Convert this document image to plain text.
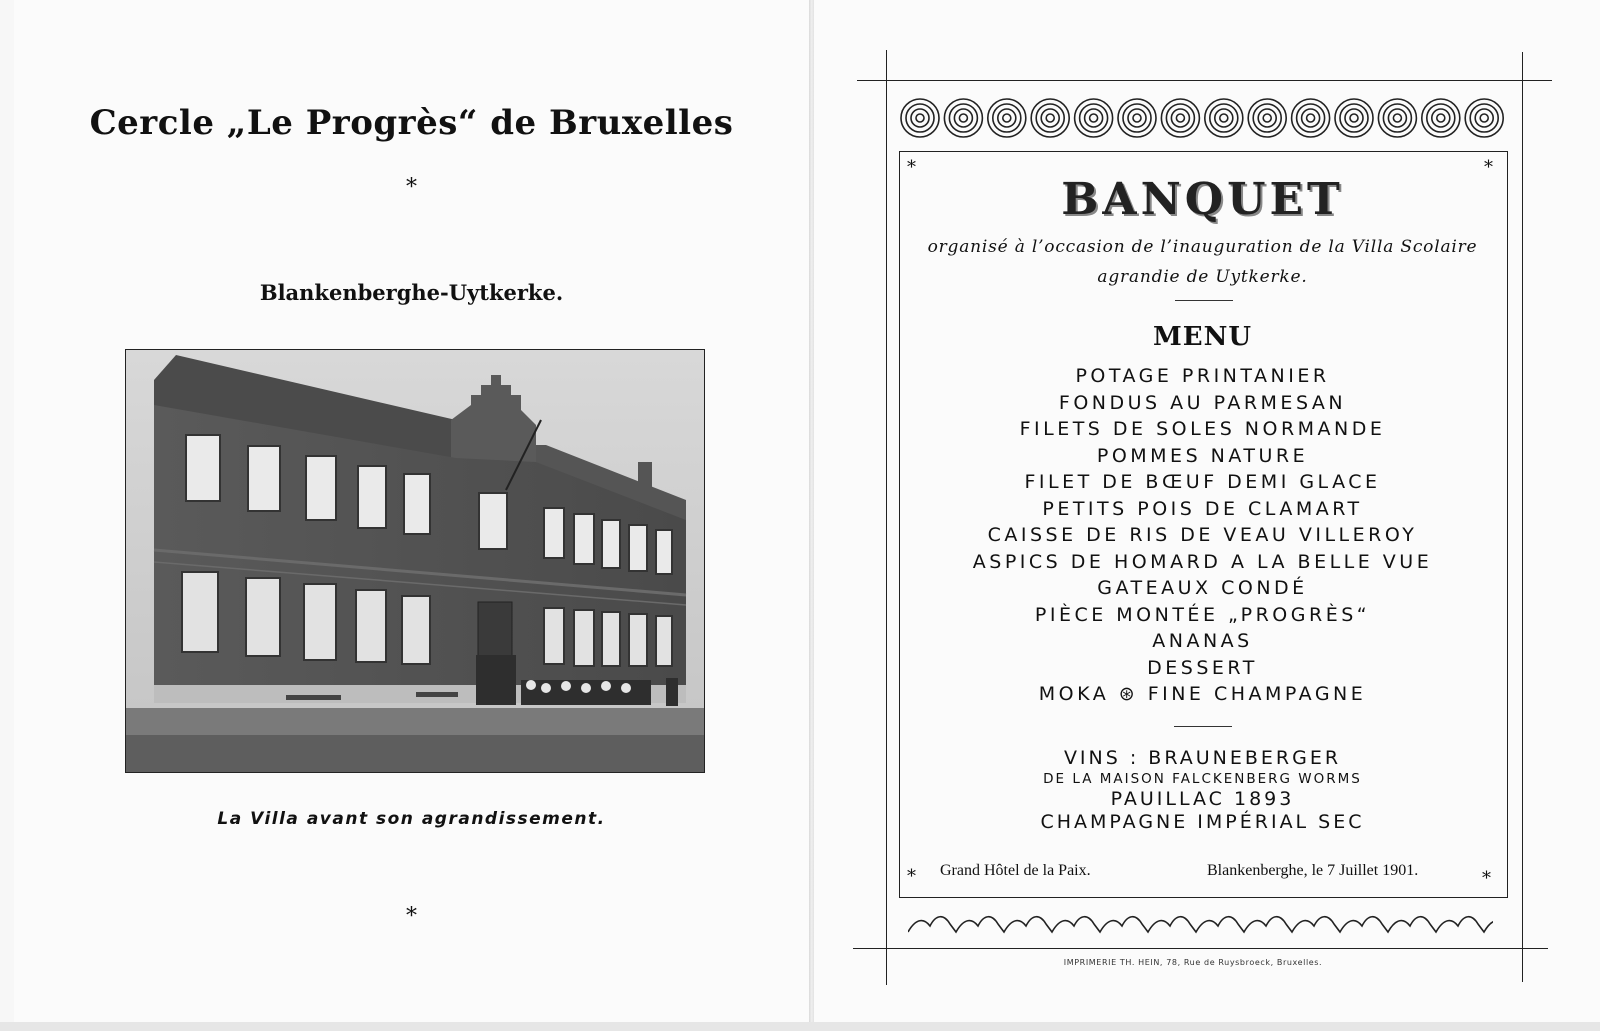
Cercle „Le Progrès“ de Bruxelles
*
Blankenberghe-Uytkerke.
La Villa avant son agrandissement.
*
*	*
BANQUET
organisé à l’occasion de l’inauguration de la Villa Scolaire
agrandie de Uytkerke.
MENU
POTAGE PRINTANIER
FONDUS AU PARMESAN
FILETS DE SOLES NORMANDE
POMMES NATURE
FILET DE BŒUF DEMI GLACE
PETITS POIS DE CLAMART
CAISSE DE RIS DE VEAU VILLEROY
ASPICS DE HOMARD A LA BELLE VUE
GATEAUX CONDÉ
PIÈCE MONTÉE „PROGRÈS“
ANANAS
DESSERT
MOKA ⊛ FINE CHAMPAGNE
VINS : BRAUNEBERGER
DE LA MAISON FALCKENBERG WORMS
PAUILLAC 1893
CHAMPAGNE IMPÉRIAL SEC
* Grand Hôtel de la Paix.	Blankenberghe, le 7 Juillet 1901.	*
IMPRIMERIE TH. HEIN, 78, Rue de Ruysbroeck, Bruxelles.
